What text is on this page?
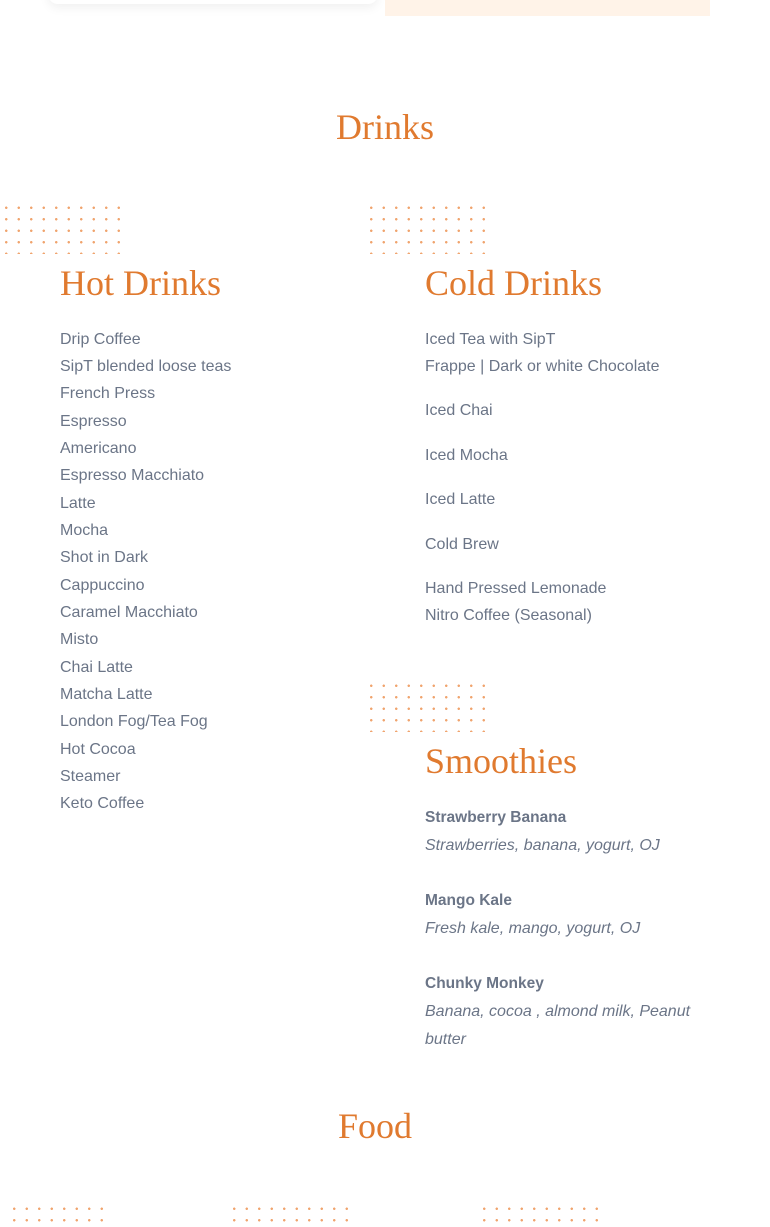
Drinks
Hot Drinks
Drip Coffee
SipT blended loose teas
French Press
Espresso
Americano
Espresso Macchiato
Latte
Mocha
Shot in Dark
Cappuccino
Caramel Macchiato
Misto
Chai Latte
Matcha Latte
London Fog/Tea Fog
Hot Cocoa
Steamer
Keto Coffee
Cold Drinks
Iced Tea with SipT
Frappe | Dark or white Chocolate
Iced Chai
Iced Mocha
Iced Latte
Cold Brew
Hand Pressed Lemonade
Nitro Coffee (Seasonal)
Smoothies
Strawberry Banana
Strawberries, banana, yogurt, OJ
Mango Kale
Fresh kale, mango, yogurt, OJ
Chunky Monkey
Banana, cocoa , almond milk, Peanut butter
Food
